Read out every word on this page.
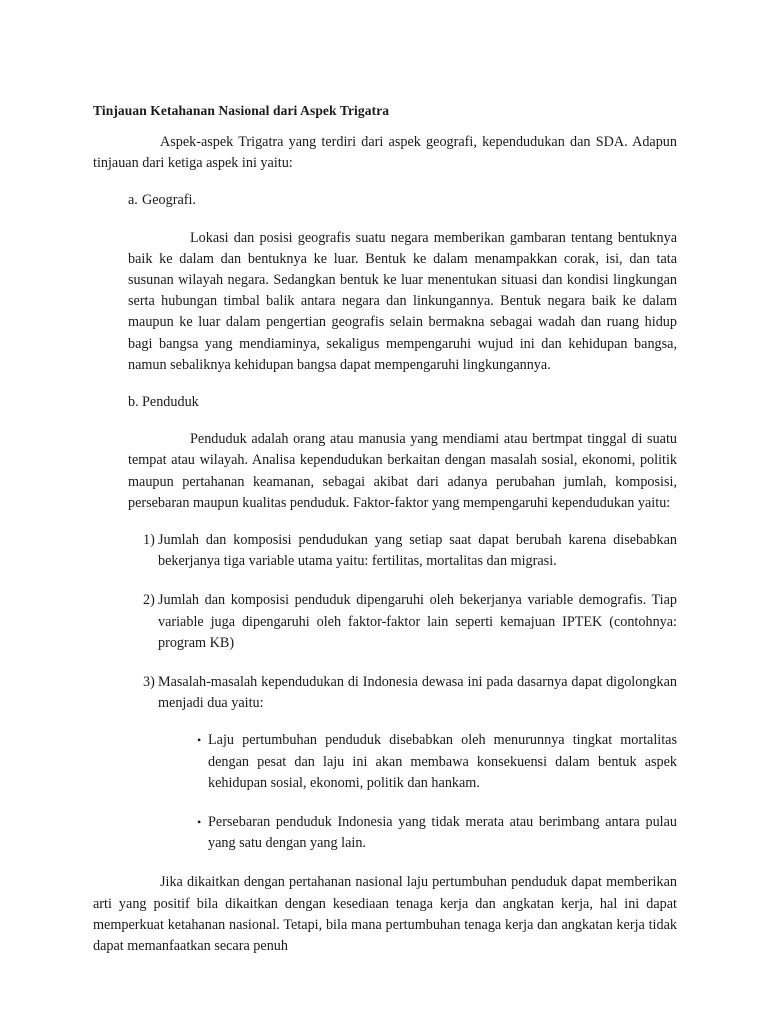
Tinjauan Ketahanan Nasional dari Aspek Trigatra

Aspek-aspek Trigatra yang terdiri dari aspek geografi, kependudukan dan SDA. Adapun tinjauan dari ketiga aspek ini yaitu:

a. Geografi.

Lokasi dan posisi geografis suatu negara memberikan gambaran tentang bentuknya baik ke dalam dan bentuknya ke luar. Bentuk ke dalam menampakkan corak, isi, dan tata susunan wilayah negara. Sedangkan bentuk ke luar menentukan situasi dan kondisi lingkungan serta hubungan timbal balik antara negara dan linkungannya. Bentuk negara baik ke dalam maupun ke luar dalam pengertian geografis selain bermakna sebagai wadah dan ruang hidup bagi bangsa yang mendiaminya, sekaligus mempengaruhi wujud ini dan kehidupan bangsa, namun sebaliknya kehidupan bangsa dapat mempengaruhi lingkungannya.

b. Penduduk

Penduduk adalah orang atau manusia yang mendiami atau bertmpat tinggal di suatu tempat atau wilayah. Analisa kependudukan berkaitan dengan masalah sosial, ekonomi, politik maupun pertahanan keamanan, sebagai akibat dari adanya perubahan jumlah, komposisi, persebaran maupun kualitas penduduk. Faktor-faktor yang mempengaruhi kependudukan yaitu:

1) Jumlah dan komposisi pendudukan yang setiap saat dapat berubah karena disebabkan bekerjanya tiga variable utama yaitu: fertilitas, mortalitas dan migrasi.
2) Jumlah dan komposisi penduduk dipengaruhi oleh bekerjanya variable demografis. Tiap variable juga dipengaruhi oleh faktor-faktor lain seperti kemajuan IPTEK (contohnya: program KB)
3) Masalah-masalah kependudukan di Indonesia dewasa ini pada dasarnya dapat digolongkan menjadi dua yaitu:
• Laju pertumbuhan penduduk disebabkan oleh menurunnya tingkat mortalitas dengan pesat dan laju ini akan membawa konsekuensi dalam bentuk aspek kehidupan sosial, ekonomi, politik dan hankam.
• Persebaran penduduk Indonesia yang tidak merata atau berimbang antara pulau yang satu dengan yang lain.

Jika dikaitkan dengan pertahanan nasional laju pertumbuhan penduduk dapat memberikan arti yang positif bila dikaitkan dengan kesediaan tenaga kerja dan angkatan kerja, hal ini dapat memperkuat ketahanan nasional. Tetapi, bila mana pertumbuhan tenaga kerja dan angkatan kerja tidak dapat memanfaatkan secara penuh
